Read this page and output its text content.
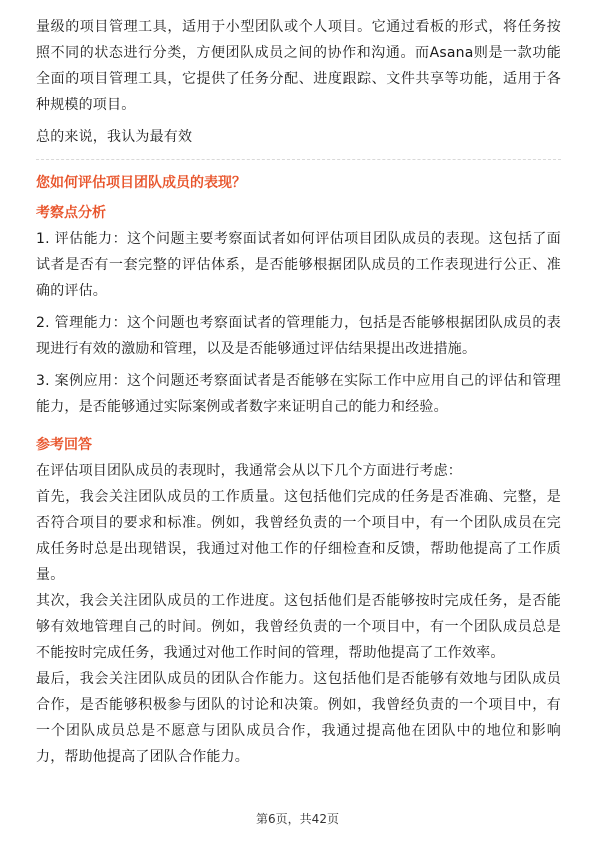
量级的项目管理工具，适用于小型团队或个人项目。它通过看板的形式，将任务按照不同的状态进行分类，方便团队成员之间的协作和沟通。而Asana则是一款功能全面的项目管理工具，它提供了任务分配、进度跟踪、文件共享等功能，适用于各种规模的项目。

总的来说，我认为最有效

您如何评估项目团队成员的表现？
考察点分析

1. 评估能力：这个问题主要考察面试者如何评估项目团队成员的表现。这包括了面试者是否有一套完整的评估体系，是否能够根据团队成员的工作表现进行公正、准确的评估。

2. 管理能力：这个问题也考察面试者的管理能力，包括是否能够根据团队成员的表现进行有效的激励和管理，以及是否能够通过评估结果提出改进措施。

3. 案例应用：这个问题还考察面试者是否能够在实际工作中应用自己的评估和管理能力，是否能够通过实际案例或者数字来证明自己的能力和经验。

参考回答

在评估项目团队成员的表现时，我通常会从以下几个方面进行考虑：

首先，我会关注团队成员的工作质量。这包括他们完成的任务是否准确、完整，是否符合项目的要求和标准。例如，我曾经负责的一个项目中，有一个团队成员在完成任务时总是出现错误，我通过对他工作的仔细检查和反馈，帮助他提高了工作质量。

其次，我会关注团队成员的工作进度。这包括他们是否能够按时完成任务，是否能够有效地管理自己的时间。例如，我曾经负责的一个项目中，有一个团队成员总是不能按时完成任务，我通过对他工作时间的管理，帮助他提高了工作效率。

最后，我会关注团队成员的团队合作能力。这包括他们是否能够有效地与团队成员合作，是否能够积极参与团队的讨论和决策。例如，我曾经负责的一个项目中，有一个团队成员总是不愿意与团队成员合作，我通过提高他在团队中的地位和影响力，帮助他提高了团队合作能力。

第6页，共42页
